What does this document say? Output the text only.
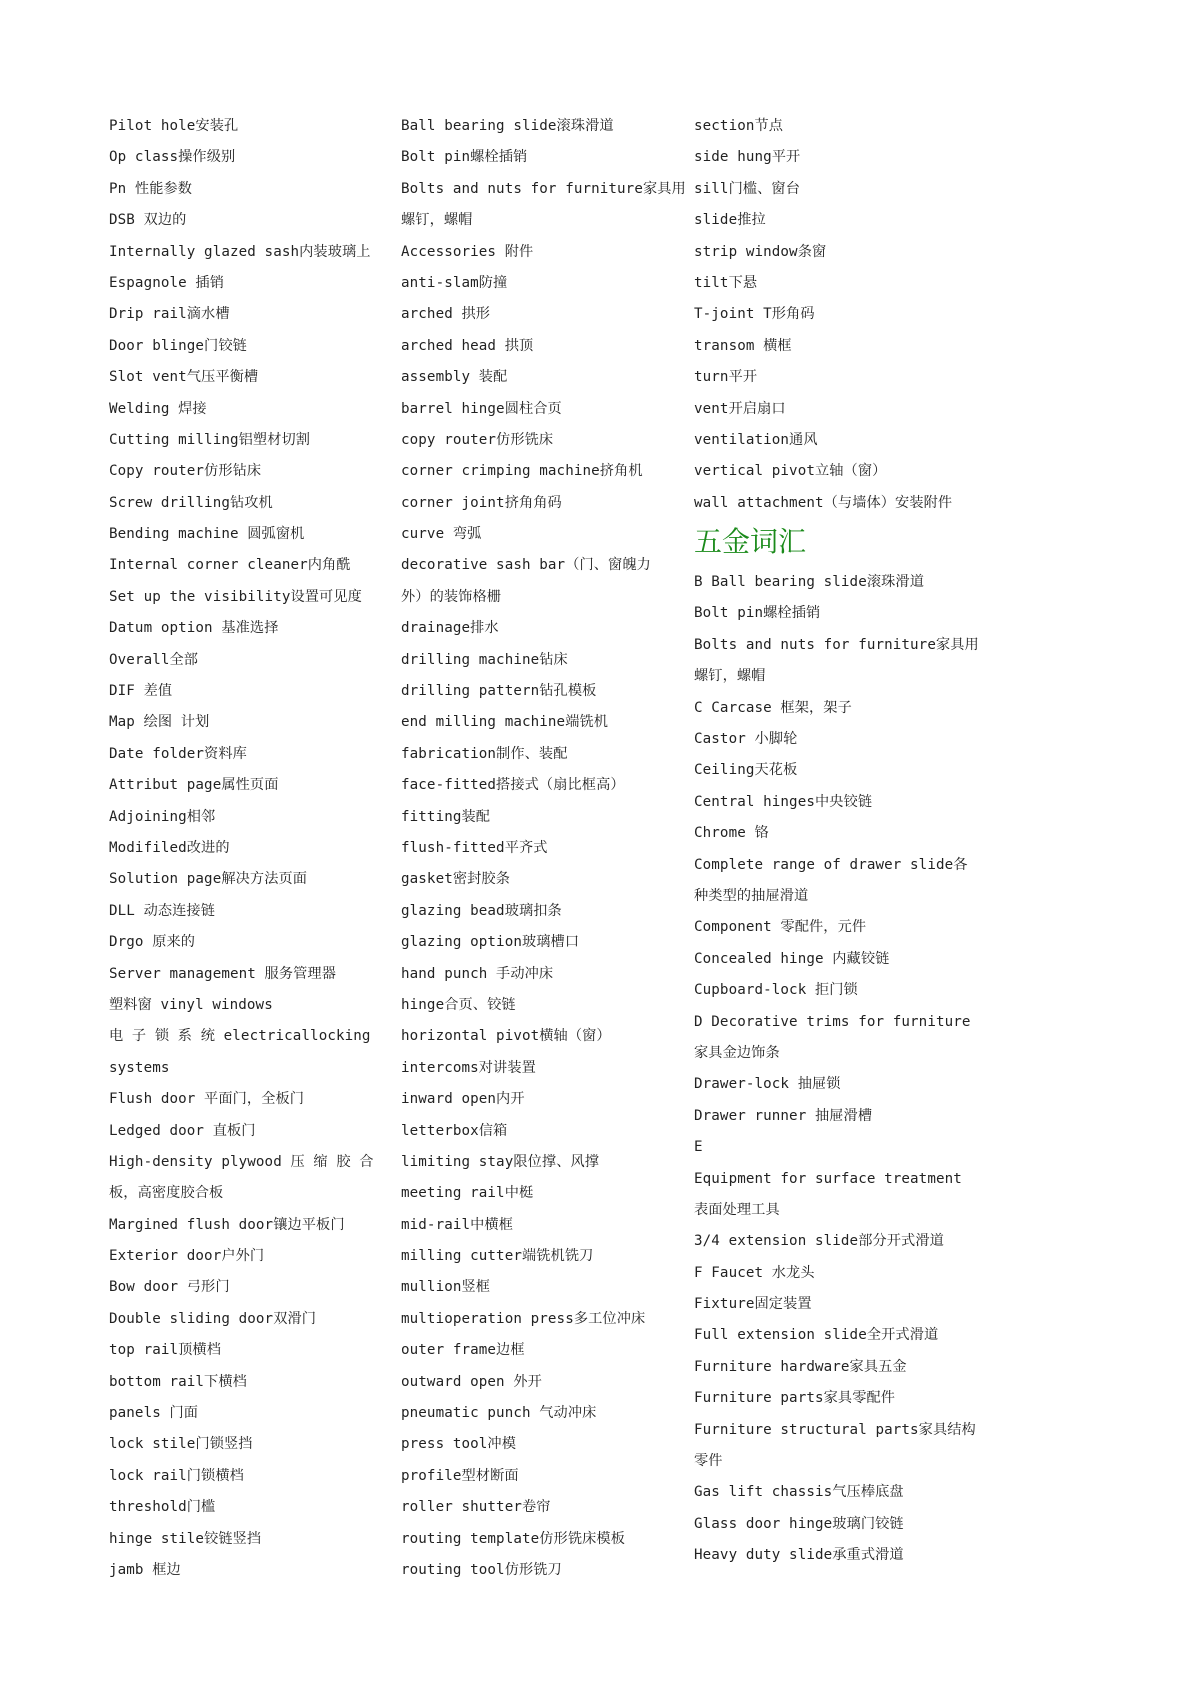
Pilot hole安装孔
Op class操作级别
Pn 性能参数
DSB 双边的
Internally glazed sash内装玻璃上
Espagnole 插销
Drip rail滴水槽
Door blinge门铰链
Slot vent气压平衡槽
Welding 焊接
Cutting milling铝塑材切割
Copy router仿形钻床
Screw drilling钻攻机
Bending machine 圆弧窗机
Internal corner cleaner内角酰
Set up the visibility设置可见度
Datum option 基准选择
Overall全部
DIF 差值
Map 绘图 计划
Date folder资料库
Attribut page属性页面
Adjoining相邻
Modifiled改进的
Solution page解决方法页面
DLL 动态连接链
Drgo 原来的
Server management 服务管理器
塑料窗 vinyl windows
电 子 锁 系 统 electricallocking
systems
Flush door 平面门，全板门
Ledged door 直板门
High-density plywood 压 缩 胶 合
板，高密度胶合板
Margined flush door镶边平板门
Exterior door户外门
Bow door 弓形门
Double sliding door双滑门
top rail顶横档
bottom rail下横档
panels 门面
lock stile门锁竖挡
lock rail门锁横档
threshold门槛
hinge stile铰链竖挡
jamb 框边
Ball bearing slide滚珠滑道
Bolt pin螺栓插销
Bolts and nuts for furniture家具用
螺钉，螺帽
Accessories 附件
anti-slam防撞
arched 拱形
arched head 拱顶
assembly 装配
barrel hinge圆柱合页
copy router仿形铣床
corner crimping machine挤角机
corner joint挤角角码
curve 弯弧
decorative sash bar（门、窗魄力
外）的装饰格栅
drainage排水
drilling machine钻床
drilling pattern钻孔模板
end milling machine端铣机
fabrication制作、装配
face-fitted搭接式（扇比框高）
fitting装配
flush-fitted平齐式
gasket密封胶条
glazing bead玻璃扣条
glazing option玻璃槽口
hand punch 手动冲床
hinge合页、铰链
horizontal pivot横轴（窗）
intercoms对讲装置
inward open内开
letterbox信箱
limiting stay限位撑、风撑
meeting rail中梃
mid-rail中横框
milling cutter端铣机铣刀
mullion竖框
multioperation press多工位冲床
outer frame边框
outward open 外开
pneumatic punch 气动冲床
press tool冲模
profile型材断面
roller shutter卷帘
routing template仿形铣床模板
routing tool仿形铣刀
section节点
side hung平开
sill门槛、窗台
slide推拉
strip window条窗
tilt下悬
T-joint T形角码
transom 横框
turn平开
vent开启扇口
ventilation通风
vertical pivot立轴（窗）
wall attachment（与墙体）安装附件
五金词汇
B Ball bearing slide滚珠滑道
Bolt pin螺栓插销
Bolts and nuts for furniture家具用
螺钉，螺帽
C Carcase 框架，架子
Castor 小脚轮
Ceiling天花板
Central hinges中央铰链
Chrome 铬
Complete range of drawer slide各
种类型的抽屉滑道
Component 零配件，元件
Concealed hinge 内藏铰链
Cupboard-lock 拒门锁
D Decorative trims for furniture
家具金边饰条
Drawer-lock 抽屉锁
Drawer runner 抽屉滑槽
E
Equipment for surface treatment
表面处理工具
3/4 extension slide部分开式滑道
F Faucet 水龙头
Fixture固定装置
Full extension slide全开式滑道
Furniture hardware家具五金
Furniture parts家具零配件
Furniture structural parts家具结构
零件
Gas lift chassis气压棒底盘
Glass door hinge玻璃门铰链
Heavy duty slide承重式滑道
